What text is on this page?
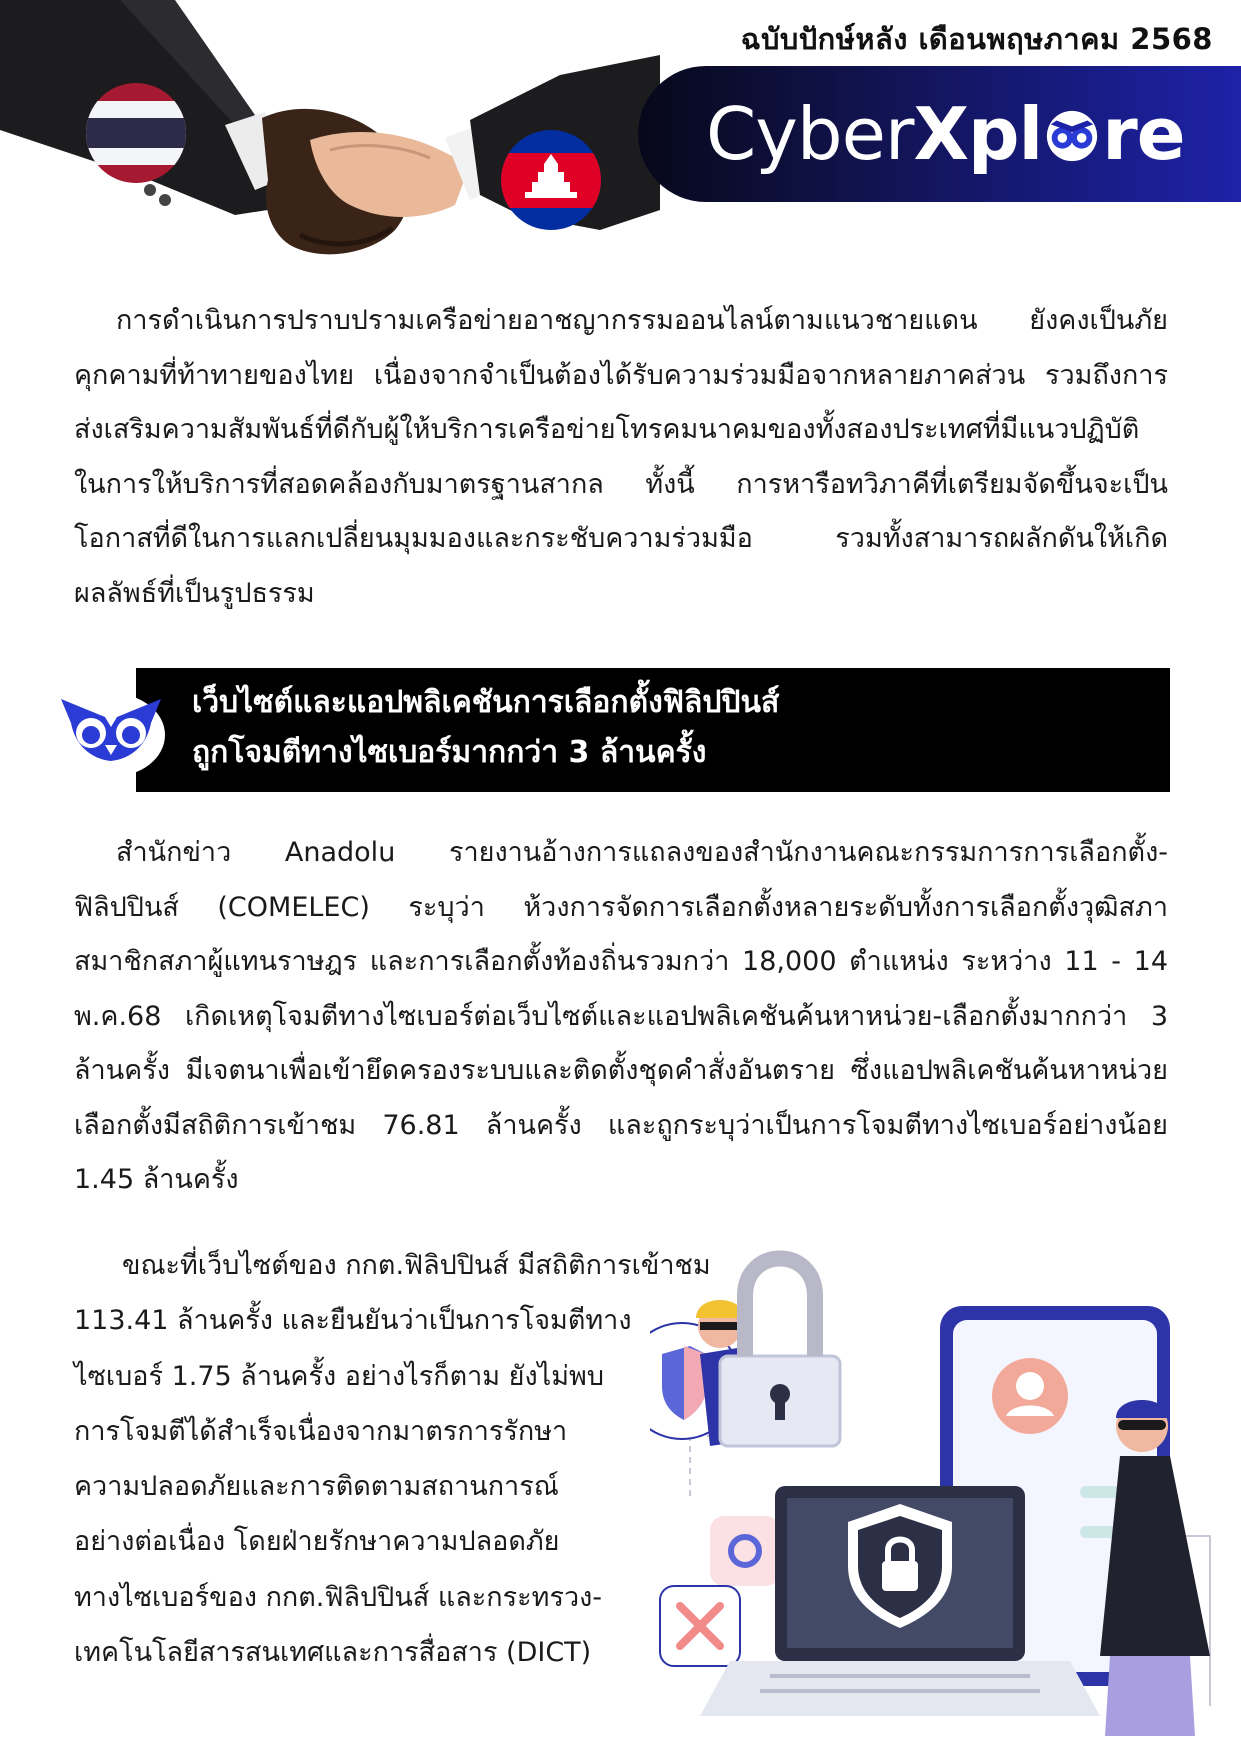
ฉบับปักษ์หลัง เดือนพฤษภาคม 2568
CyberXpl re

การดำเนินการปราบปรามเครือข่ายอาชญากรรมออนไลน์ตามแนวชายแดน ยังคงเป็นภัยคุกคามที่ท้าทายของไทย เนื่องจากจำเป็นต้องได้รับความร่วมมือจากหลายภาคส่วน รวมถึงการส่งเสริมความสัมพันธ์ที่ดีกับผู้ให้บริการเครือข่ายโทรคมนาคมของทั้งสองประเทศที่มีแนวปฏิบัติในการให้บริการที่สอดคล้องกับมาตรฐานสากล ทั้งนี้ การหารือทวิภาคีที่เตรียมจัดขึ้นจะเป็นโอกาสที่ดีในการแลกเปลี่ยนมุมมองและกระชับความร่วมมือ รวมทั้งสามารถผลักดันให้เกิดผลลัพธ์ที่เป็นรูปธรรม

เว็บไซต์และแอปพลิเคชันการเลือกตั้งฟิลิปปินส์
ถูกโจมตีทางไซเบอร์มากกว่า 3 ล้านครั้ง

สำนักข่าว Anadolu รายงานอ้างการแถลงของสำนักงานคณะกรรมการการเลือกตั้ง-ฟิลิปปินส์ (COMELEC) ระบุว่า ห้วงการจัดการเลือกตั้งหลายระดับทั้งการเลือกตั้งวุฒิสภา สมาชิกสภาผู้แทนราษฎร และการเลือกตั้งท้องถิ่นรวมกว่า 18,000 ตำแหน่ง ระหว่าง 11 - 14 พ.ค.68 เกิดเหตุโจมตีทางไซเบอร์ต่อเว็บไซต์และแอปพลิเคชันค้นหาหน่วย-เลือกตั้งมากกว่า 3 ล้านครั้ง มีเจตนาเพื่อเข้ายึดครองระบบและติดตั้งชุดคำสั่งอันตราย ซึ่งแอปพลิเคชันค้นหาหน่วยเลือกตั้งมีสถิติการเข้าชม 76.81 ล้านครั้ง และถูกระบุว่าเป็นการโจมตีทางไซเบอร์อย่างน้อย 1.45 ล้านครั้ง

ขณะที่เว็บไซต์ของ กกต.ฟิลิปปินส์ มีสถิติการเข้าชม
113.41 ล้านครั้ง และยืนยันว่าเป็นการโจมตีทาง
ไซเบอร์ 1.75 ล้านครั้ง อย่างไรก็ตาม ยังไม่พบ
การโจมตีได้สำเร็จเนื่องจากมาตรการรักษา
ความปลอดภัยและการติดตามสถานการณ์
อย่างต่อเนื่อง โดยฝ่ายรักษาความปลอดภัย
ทางไซเบอร์ของ กกต.ฟิลิปปินส์ และกระทรวง-
เทคโนโลยีสารสนเทศและการสื่อสาร (DICT)
